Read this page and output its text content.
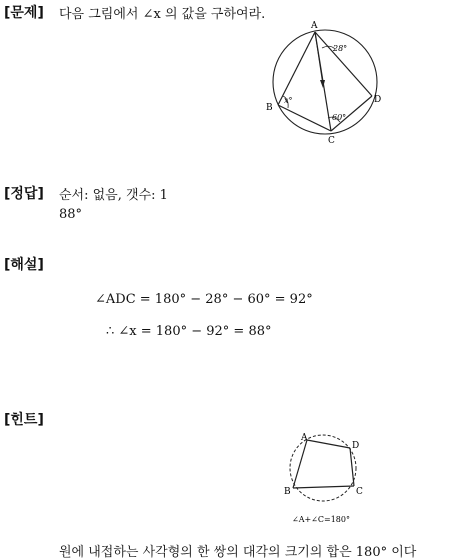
[문제] 다음 그림에서 ∠x 의 값을 구하여라.
A
B
C
D
28°
60°
x°
[정답] 순서: 없음, 갯수: 1
88°
[해설]
∠ADC = 180° − 28° − 60° = 92°
∴ ∠x = 180° − 92° = 88°
[힌트]
A
B	C
D
∠A+∠C=180°
원에 내접하는 사각형의 한 쌍의 대각의 크기의 합은 180° 이다
